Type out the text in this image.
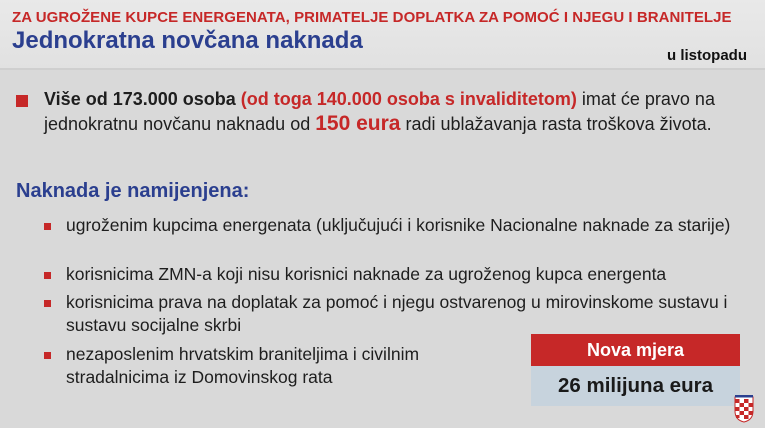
ZA UGROŽENE KUPCE ENERGENATA, PRIMATELJE DOPLATKA ZA POMOĆ I NJEGU I BRANITELJE
Jednokratna novčana naknada
u listopadu
Više od 173.000 osoba (od toga 140.000 osoba s invaliditetom) imat će pravo na jednokratnu novčanu naknadu od 150 eura radi ublažavanja rasta troškova života.
Naknada je namijenjena:
ugroženim kupcima energenata (uključujući i korisnike Nacionalne naknade za starije)
korisnicima ZMN-a koji nisu korisnici naknade za ugroženog kupca energenta
korisnicima prava na doplatak za pomoć i njegu ostvarenog u mirovinskome sustavu i sustavu socijalne skrbi
nezaposlenim hrvatskim braniteljima i civilnim stradalnicima iz Domovinskog rata
Nova mjera
26 milijuna eura
